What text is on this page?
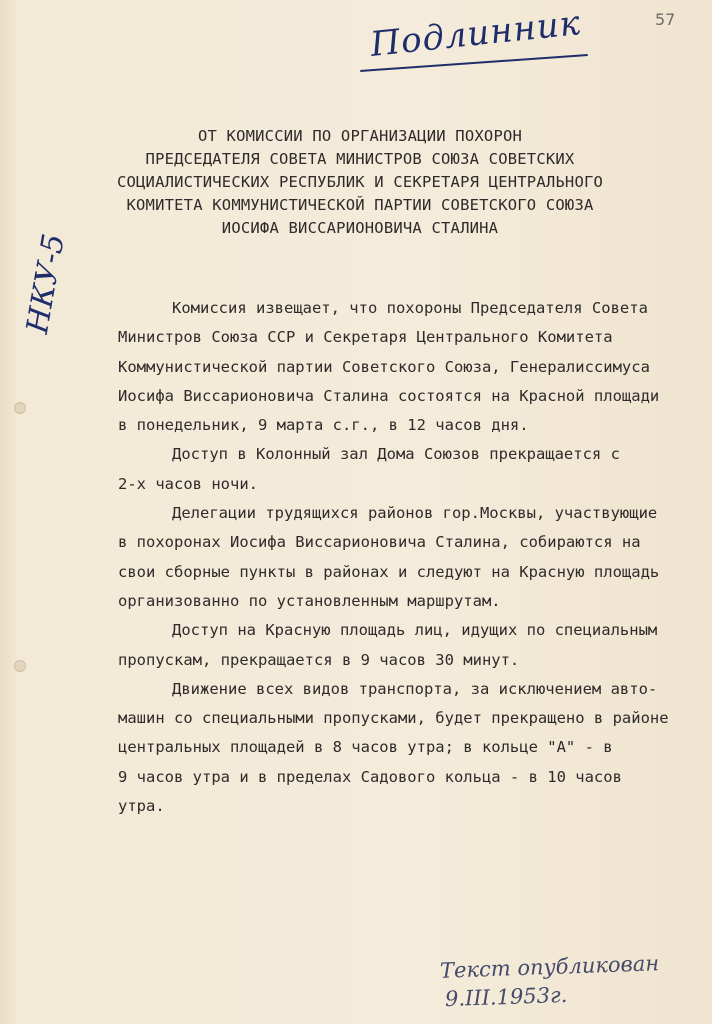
Подлинник	57
НКУ-5
ОТ КОМИССИИ ПО ОРГАНИЗАЦИИ ПОХОРОН
ПРЕДСЕДАТЕЛЯ СОВЕТА МИНИСТРОВ СОЮЗА СОВЕТСКИХ
СОЦИАЛИСТИЧЕСКИХ РЕСПУБЛИК И СЕКРЕТАРЯ ЦЕНТРАЛЬНОГО
КОМИТЕТА КОММУНИСТИЧЕСКОЙ ПАРТИИ СОВЕТСКОГО СОЮЗА
ИОСИФА ВИССАРИОНОВИЧА СТАЛИНА
Комиссия извещает, что похороны Председателя Совета
Министров Союза ССР и Секретаря Центрального Комитета
Коммунистической партии Советского Союза, Генералиссимуса
Иосифа Виссарионовича Сталина состоятся на Красной площади
в понедельник, 9 марта с.г., в 12 часов дня.
Доступ в Колонный зал Дома Союзов прекращается с
2-х часов ночи.
Делегации трудящихся районов гор.Москвы, участвующие
в похоронах Иосифа Виссарионовича Сталина, собираются на
свои сборные пункты в районах и следуют на Красную площадь
организованно по установленным маршрутам.
Доступ на Красную площадь лиц, идущих по специальным
пропускам, прекращается в 9 часов 30 минут.
Движение всех видов транспорта, за исключением авто-
машин со специальными пропусками, будет прекращено в районе
центральных площадей в 8 часов утра; в кольце "А" - в
9 часов утра и в пределах Садового кольца - в 10 часов
утра.
Текст опубликован
9.III.1953г.
